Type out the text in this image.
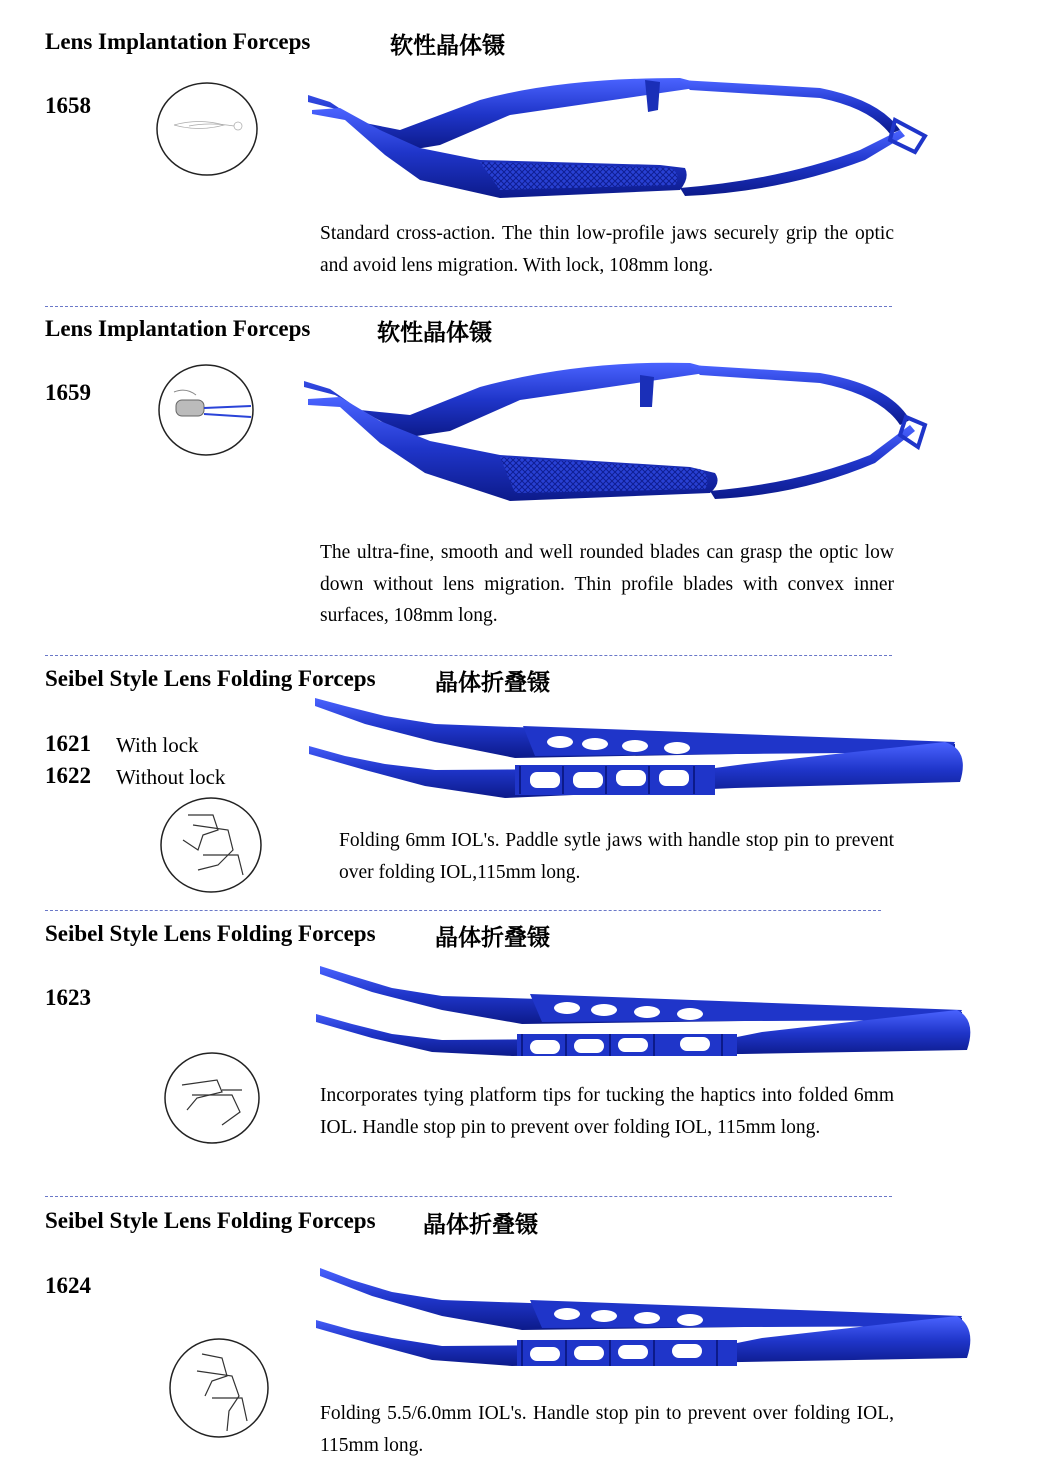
Lens Implantation Forceps	软性晶体镊
1658
Standard cross-action. The thin low-profile jaws securely grip the optic and avoid lens migration. With lock, 108mm long.
Lens Implantation Forceps	软性晶体镊
1659
The ultra-fine, smooth and well rounded blades can grasp the optic low down without lens migration. Thin profile blades with convex inner surfaces, 108mm long.
Seibel Style Lens Folding Forceps	晶体折叠镊
1621 With lock
1622 Without lock
Folding 6mm IOL's. Paddle sytle jaws with handle stop pin to prevent over folding IOL,115mm long.
Seibel Style Lens Folding Forceps	晶体折叠镊
1623
Incorporates tying platform tips for tucking the haptics into folded 6mm IOL. Handle stop pin to prevent over folding IOL, 115mm long.
Seibel Style Lens Folding Forceps 晶体折叠镊
1624
Folding 5.5/6.0mm IOL's. Handle stop pin to prevent over folding IOL, 115mm long.
